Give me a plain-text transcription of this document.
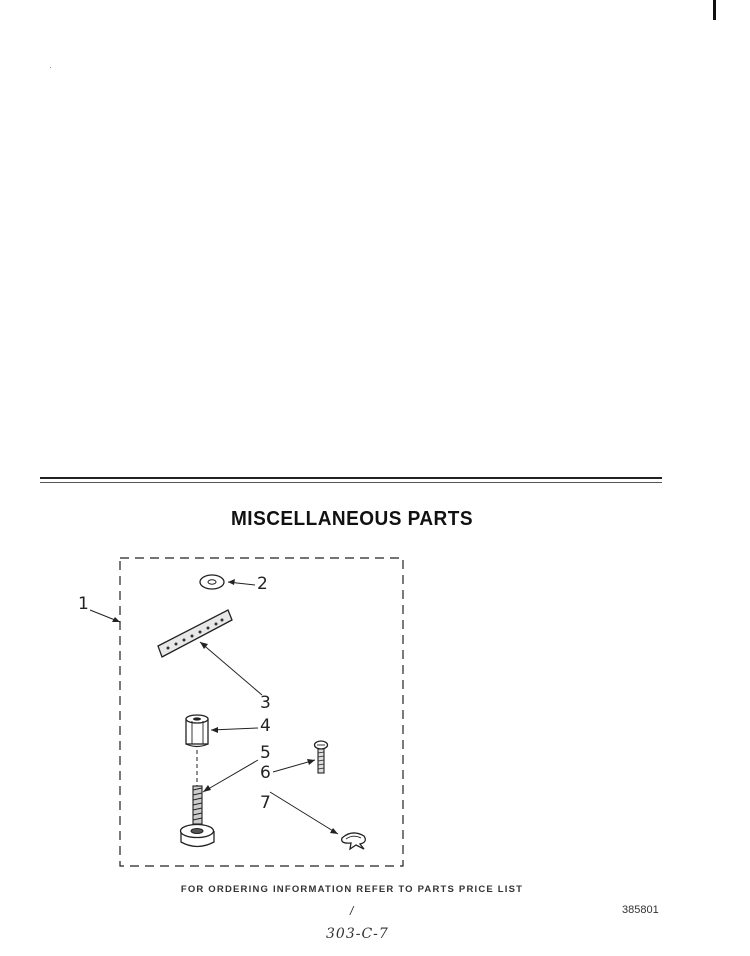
MISCELLANEOUS PARTS
1
2
3
4
5
6
7
FOR ORDERING INFORMATION REFER TO PARTS PRICE LIST
/	385801
303-C-7
